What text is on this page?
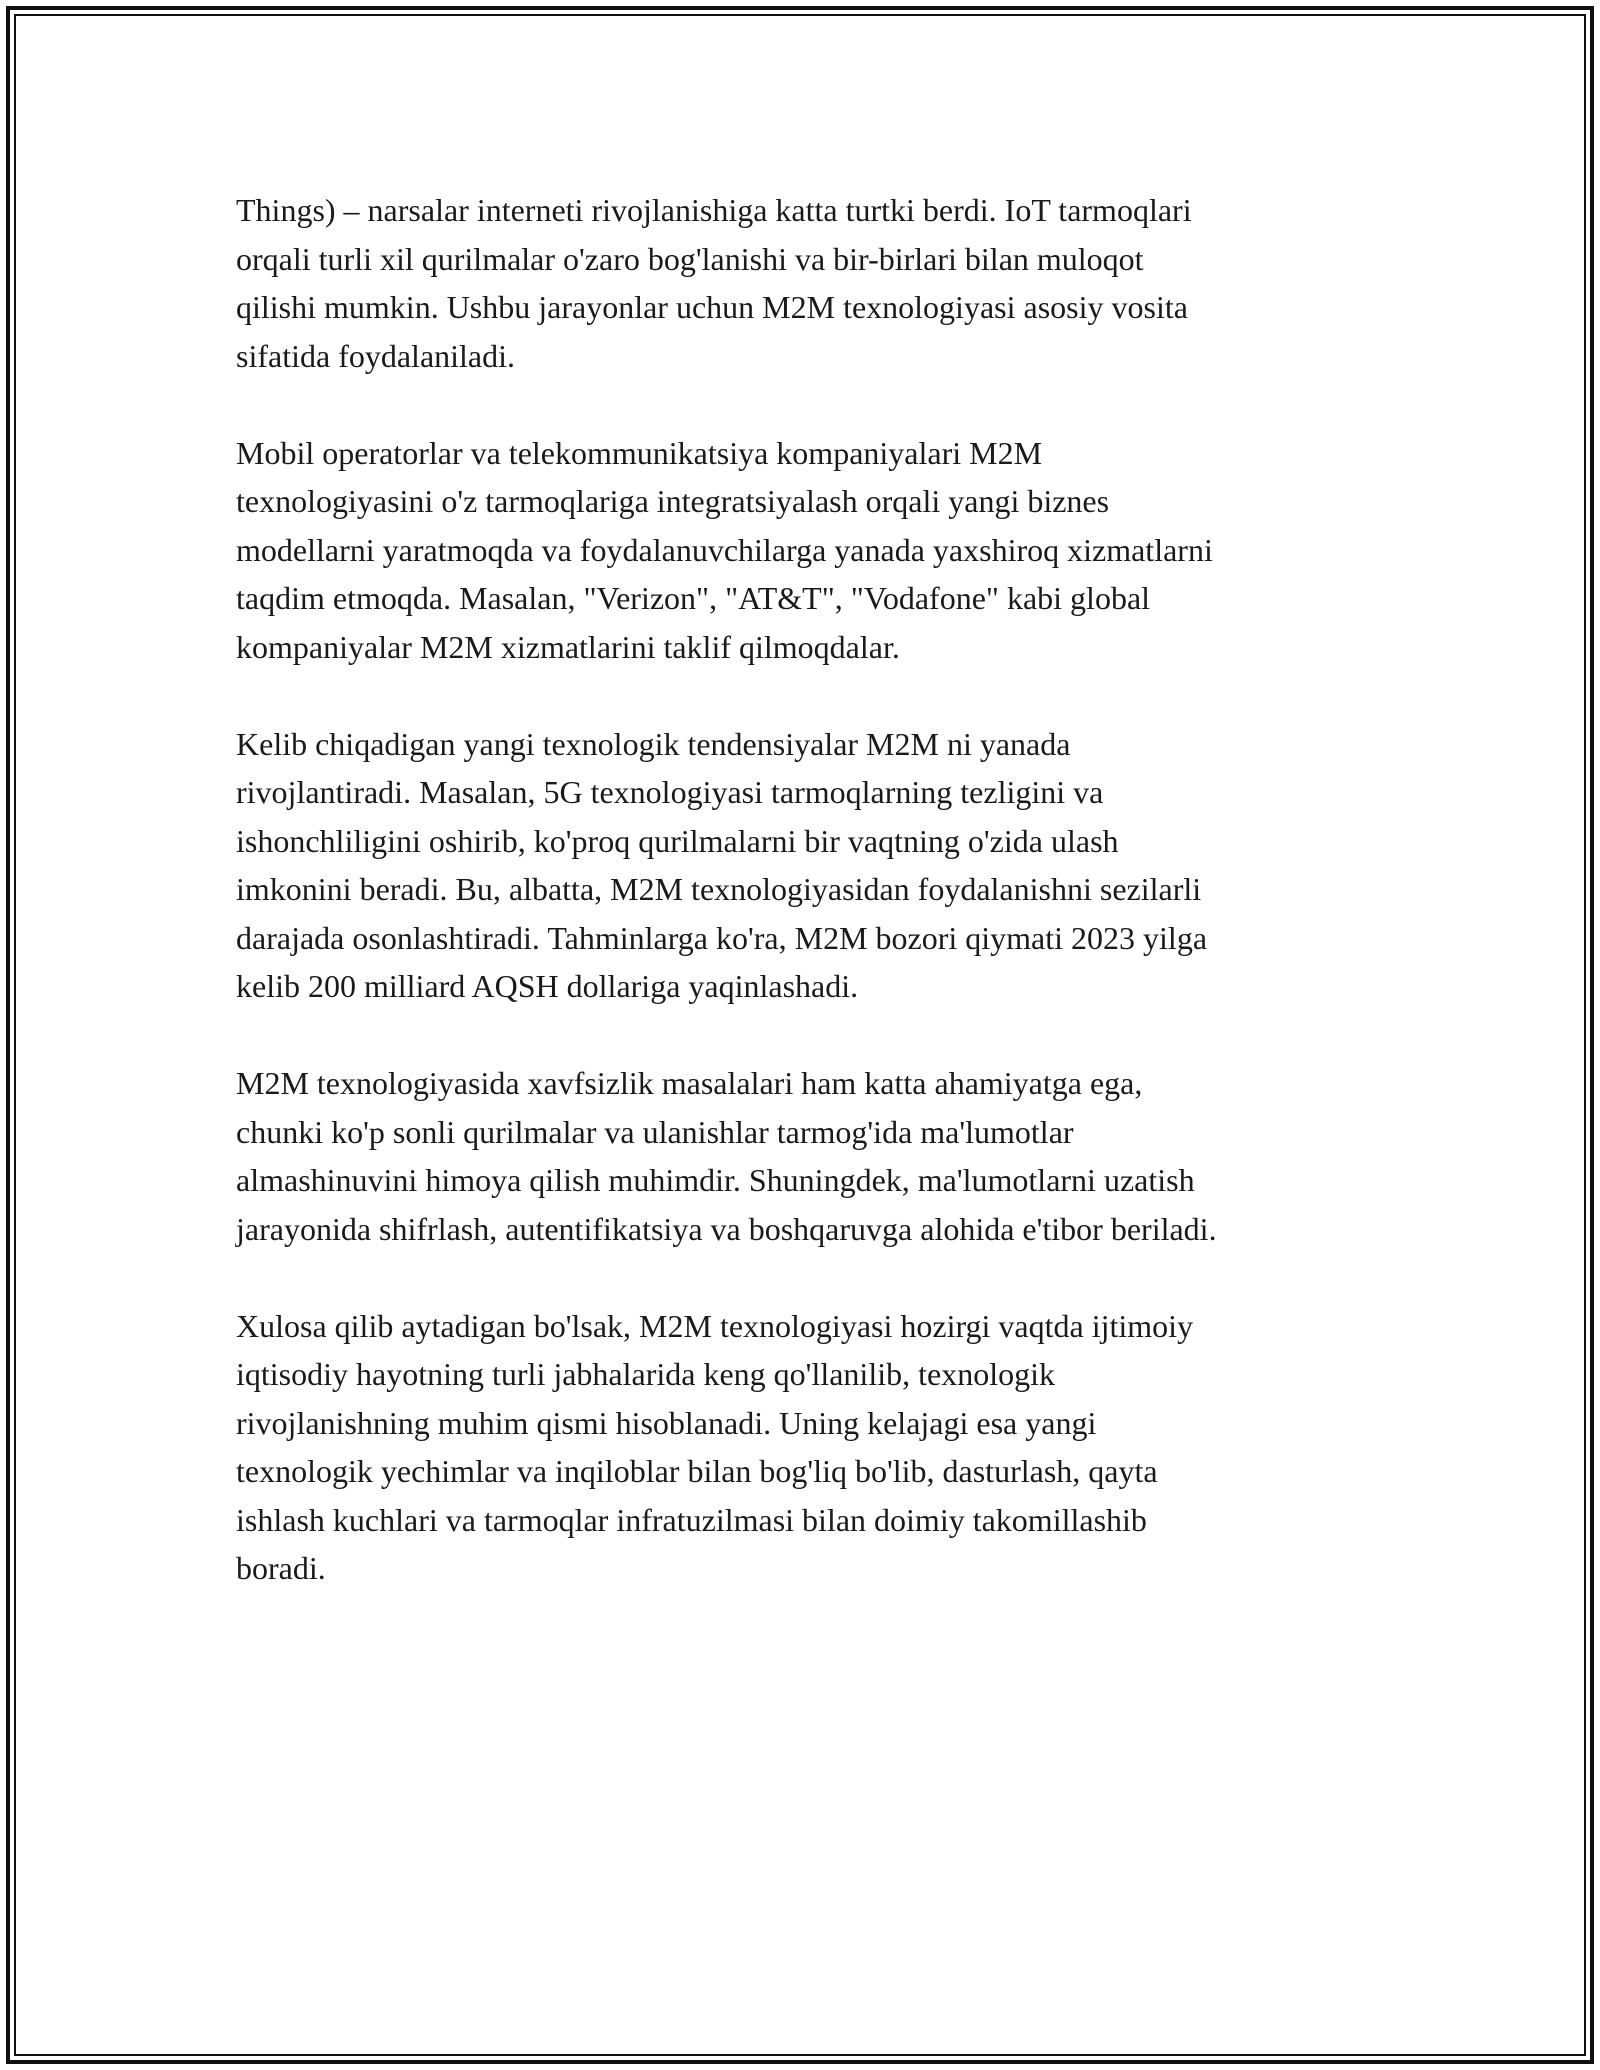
Things) – narsalar interneti rivojlanishiga katta turtki berdi. IoT tarmoqlari
orqali turli xil qurilmalar o'zaro bog'lanishi va bir-birlari bilan muloqot
qilishi mumkin. Ushbu jarayonlar uchun M2M texnologiyasi asosiy vosita
sifatida foydalaniladi.

Mobil operatorlar va telekommunikatsiya kompaniyalari M2M
texnologiyasini o'z tarmoqlariga integratsiyalash orqali yangi biznes
modellarni yaratmoqda va foydalanuvchilarga yanada yaxshiroq xizmatlarni
taqdim etmoqda. Masalan, "Verizon", "AT&T", "Vodafone" kabi global
kompaniyalar M2M xizmatlarini taklif qilmoqdalar.

Kelib chiqadigan yangi texnologik tendensiyalar M2M ni yanada
rivojlantiradi. Masalan, 5G texnologiyasi tarmoqlarning tezligini va
ishonchliligini oshirib, ko'proq qurilmalarni bir vaqtning o'zida ulash
imkonini beradi. Bu, albatta, M2M texnologiyasidan foydalanishni sezilarli
darajada osonlashtiradi. Tahminlarga ko'ra, M2M bozori qiymati 2023 yilga
kelib 200 milliard AQSH dollariga yaqinlashadi.

M2M texnologiyasida xavfsizlik masalalari ham katta ahamiyatga ega,
chunki ko'p sonli qurilmalar va ulanishlar tarmog'ida ma'lumotlar
almashinuvini himoya qilish muhimdir. Shuningdek, ma'lumotlarni uzatish
jarayonida shifrlash, autentifikatsiya va boshqaruvga alohida e'tibor beriladi.

Xulosa qilib aytadigan bo'lsak, M2M texnologiyasi hozirgi vaqtda ijtimoiy
iqtisodiy hayotning turli jabhalarida keng qo'llanilib, texnologik
rivojlanishning muhim qismi hisoblanadi. Uning kelajagi esa yangi
texnologik yechimlar va inqiloblar bilan bog'liq bo'lib, dasturlash, qayta
ishlash kuchlari va tarmoqlar infratuzilmasi bilan doimiy takomillashib
boradi.
